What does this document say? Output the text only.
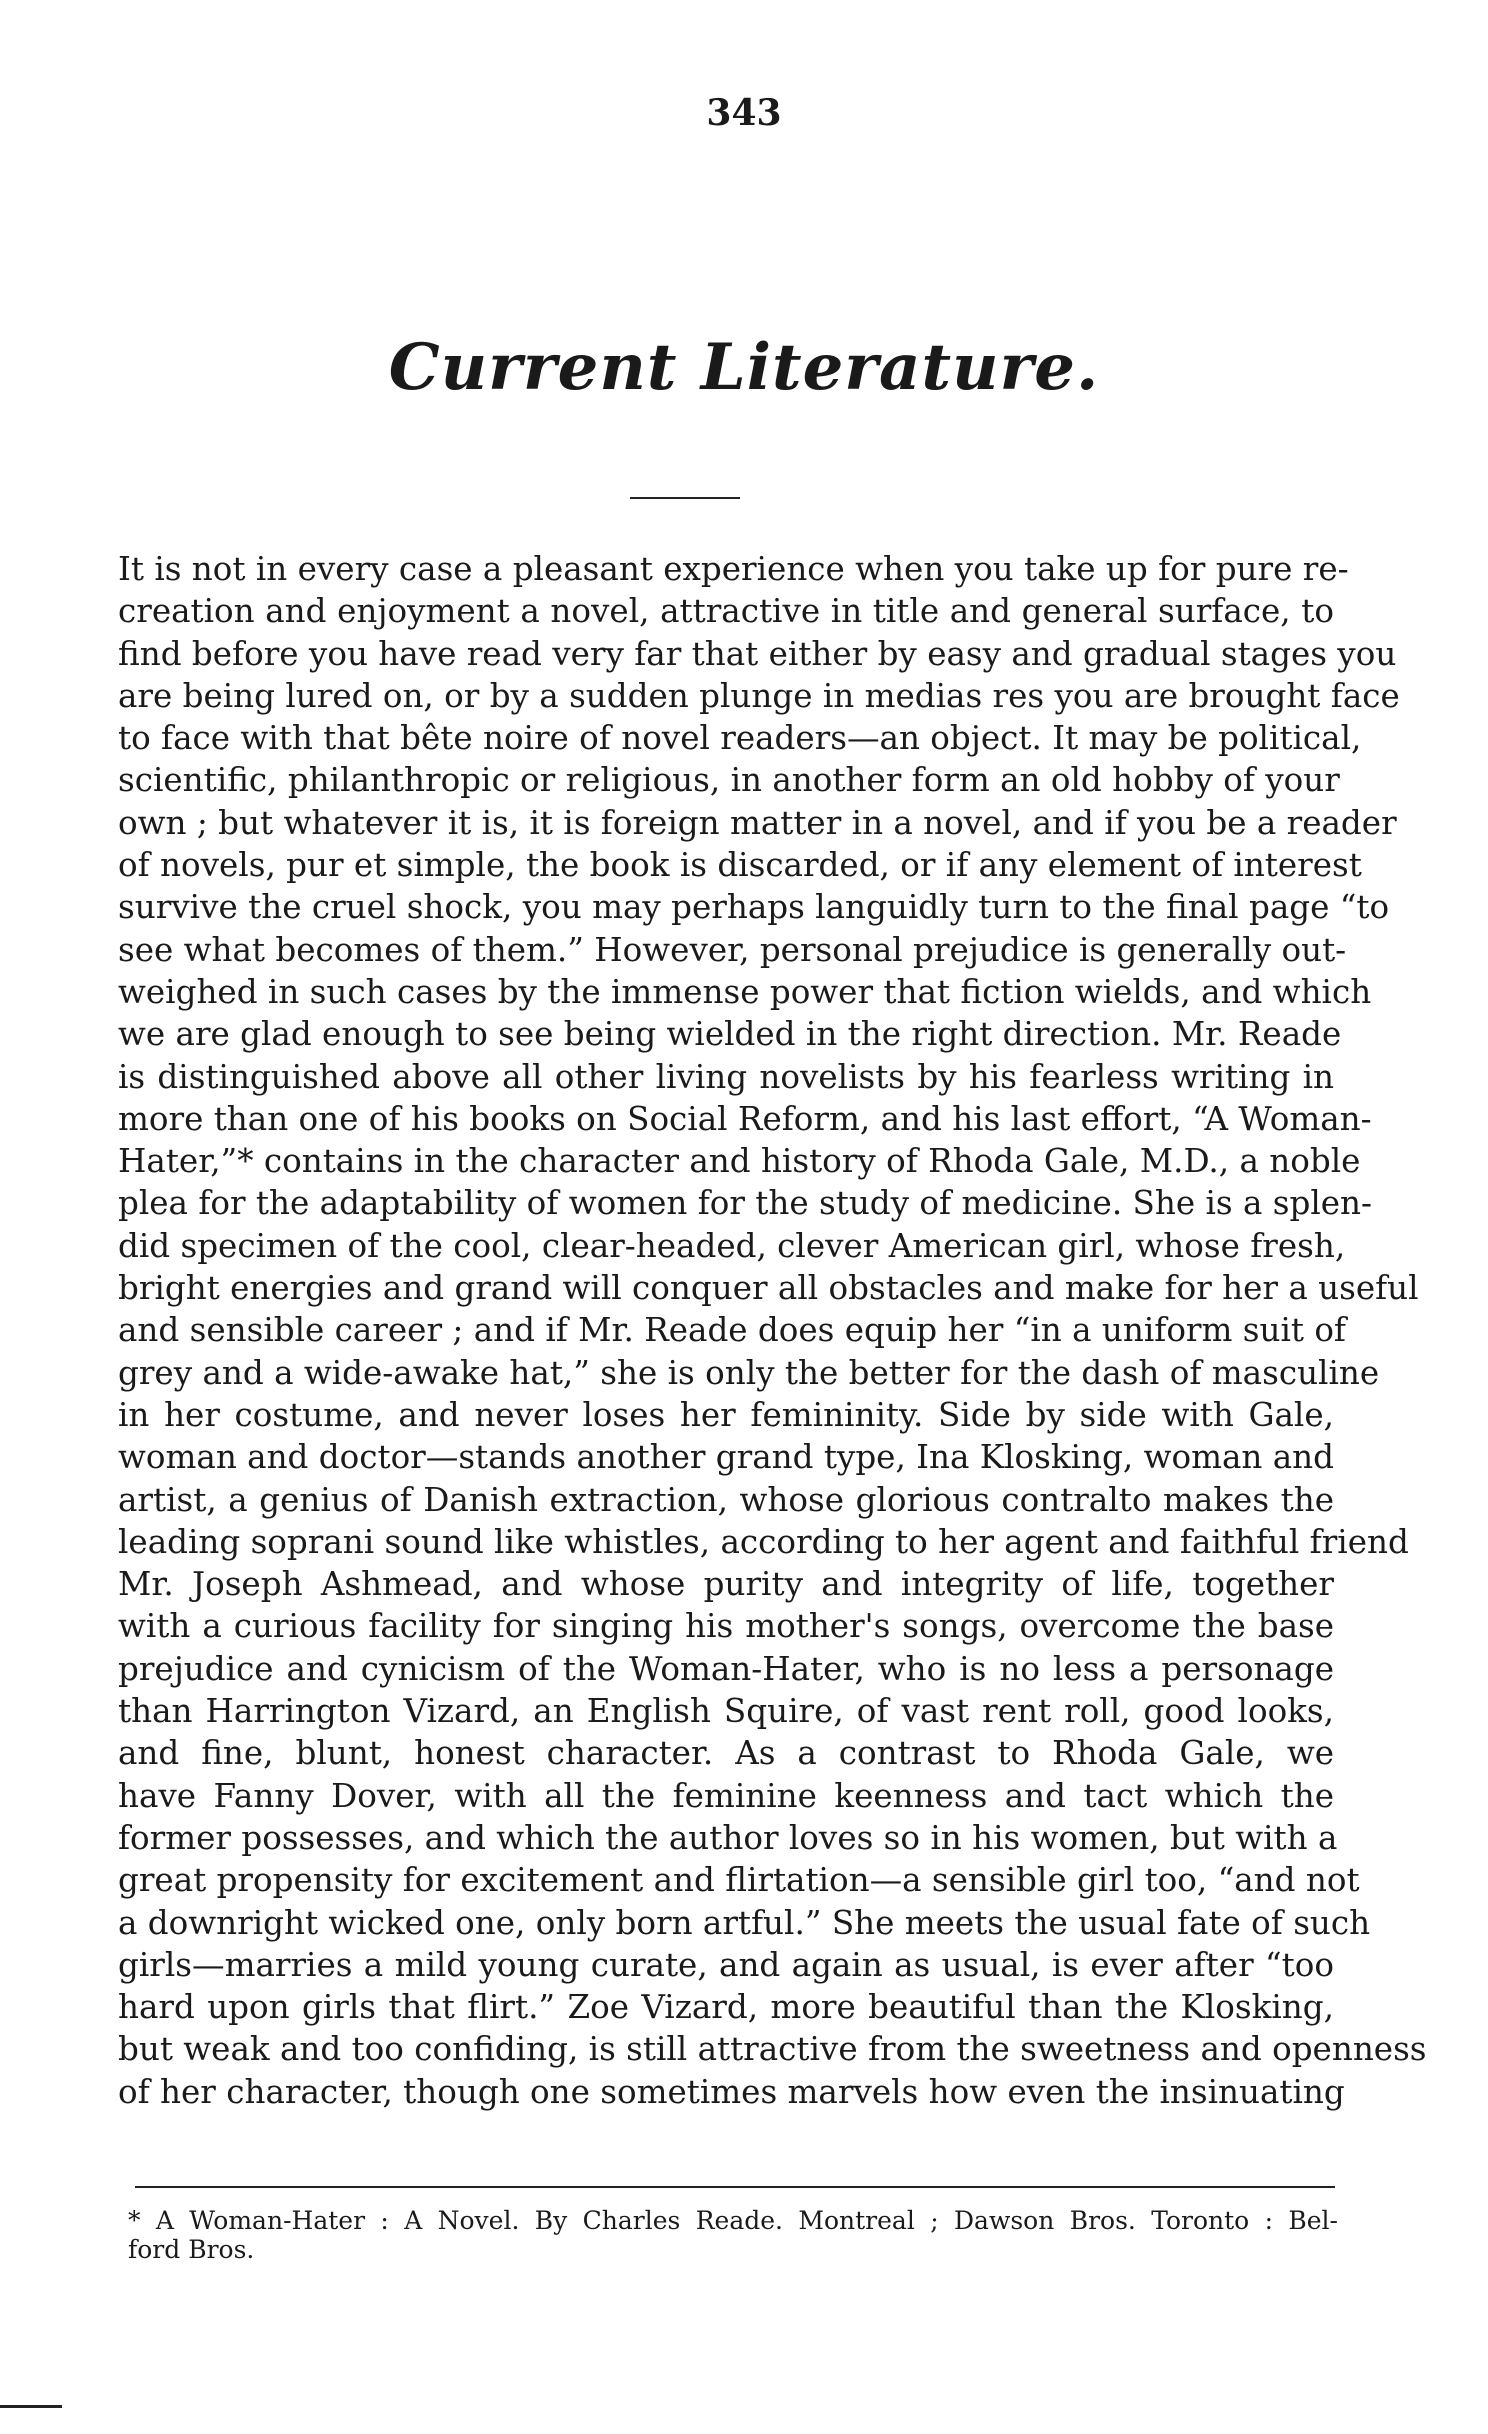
343
Current Literature.
It is not in every case a pleasant experience when you take up for pure re-
creation and enjoyment a novel, attractive in title and general surface, to
find before you have read very far that either by easy and gradual stages you
are being lured on, or by a sudden plunge in medias res you are brought face
to face with that bête noire of novel readers—an object. It may be political,
scientific, philanthropic or religious, in another form an old hobby of your
own ; but whatever it is, it is foreign matter in a novel, and if you be a reader
of novels, pur et simple, the book is discarded, or if any element of interest
survive the cruel shock, you may perhaps languidly turn to the final page “to
see what becomes of them.” However, personal prejudice is generally out-
weighed in such cases by the immense power that fiction wields, and which
we are glad enough to see being wielded in the right direction. Mr. Reade
is distinguished above all other living novelists by his fearless writing in
more than one of his books on Social Reform, and his last effort, “A Woman-
Hater,”* contains in the character and history of Rhoda Gale, M.D., a noble
plea for the adaptability of women for the study of medicine. She is a splen-
did specimen of the cool, clear-headed, clever American girl, whose fresh,
bright energies and grand will conquer all obstacles and make for her a useful
and sensible career ; and if Mr. Reade does equip her “in a uniform suit of
grey and a wide-awake hat,” she is only the better for the dash of masculine
in her costume, and never loses her femininity. Side by side with Gale,
woman and doctor—stands another grand type, Ina Klosking, woman and
artist, a genius of Danish extraction, whose glorious contralto makes the
leading soprani sound like whistles, according to her agent and faithful friend
Mr. Joseph Ashmead, and whose purity and integrity of life, together
with a curious facility for singing his mother's songs, overcome the base
prejudice and cynicism of the Woman-Hater, who is no less a personage
than Harrington Vizard, an English Squire, of vast rent roll, good looks,
and fine, blunt, honest character. As a contrast to Rhoda Gale, we
have Fanny Dover, with all the feminine keenness and tact which the
former possesses, and which the author loves so in his women, but with a
great propensity for excitement and flirtation—a sensible girl too, “and not
a downright wicked one, only born artful.” She meets the usual fate of such
girls—marries a mild young curate, and again as usual, is ever after “too
hard upon girls that flirt.” Zoe Vizard, more beautiful than the Klosking,
but weak and too confiding, is still attractive from the sweetness and openness
of her character, though one sometimes marvels how even the insinuating
* A Woman-Hater : A Novel. By Charles Reade. Montreal ; Dawson Bros. Toronto : Bel-
ford Bros.
